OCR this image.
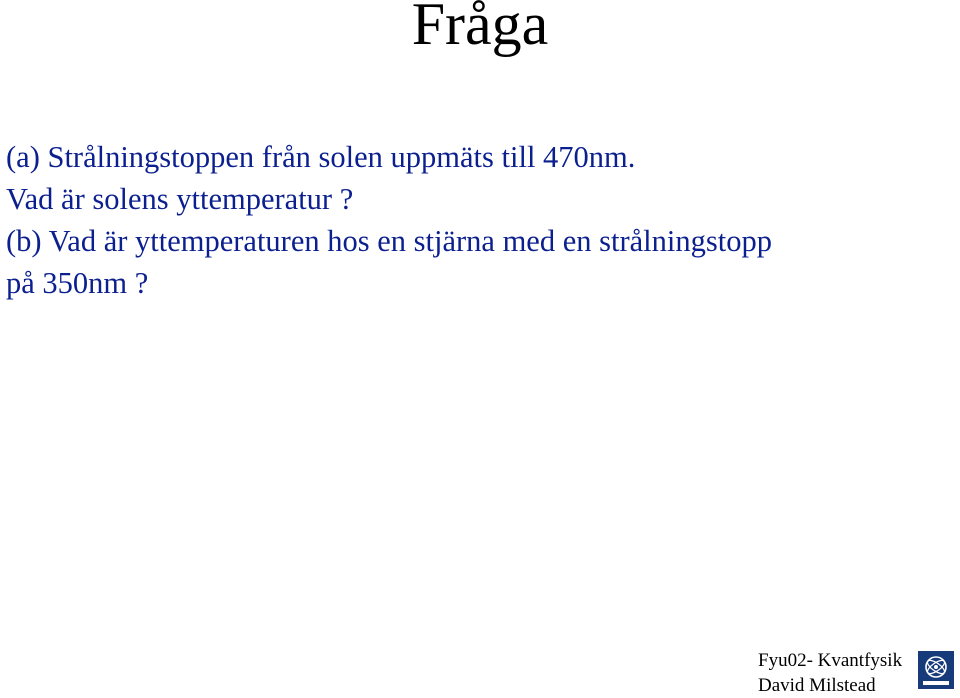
Fråga
(a) Strålningstoppen från solen uppmäts till 470nm.
Vad är solens yttemperatur ?
(b) Vad är yttemperaturen hos en stjärna med en strålningstopp
på 350nm ?
Fyu02- Kvantfysik
David Milstead
